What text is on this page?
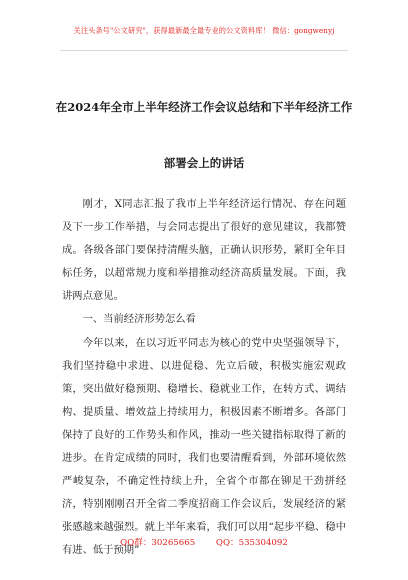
关注头条号"公文研究"，获得最新最全最专业的公文资料库！ 微信：gongwenyj
在2024年全市上半年经济工作会议总结和下半年经济工作
部署会上的讲话

刚才，X同志汇报了我市上半年经济运行情况、存在问题及下一步工作举措，与会同志提出了很好的意见建议，我都赞成。各级各部门要保持清醒头脑，正确认识形势，紧盯全年目标任务，以超常规力度和举措推动经济高质量发展。下面，我讲两点意见。

一、当前经济形势怎么看

今年以来，在以习近平同志为核心的党中央坚强领导下，我们坚持稳中求进、以进促稳、先立后破，积极实施宏观政策，突出做好稳预期、稳增长、稳就业工作，在转方式、调结构、提质量、增效益上持续用力，积极因素不断增多。各部门保持了良好的工作势头和作风，推动一些关键指标取得了新的进步。在肯定成绩的同时，我们也要清醒看到，外部环境依然严峻复杂，不确定性持续上升，全省个市都在铆足干劲拼经济，特别刚刚召开全省二季度招商工作会议后，发展经济的紧张感越来越强烈。就上半年来看，我们可以用“起步平稳、稳中有进、低于预期”

QQ群：30265665 QQ：535304092
